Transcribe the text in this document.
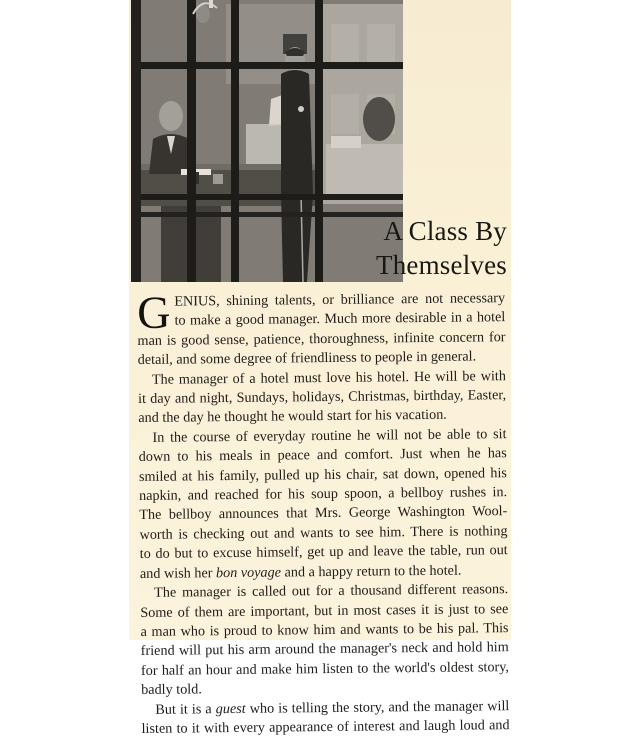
A Class By
Themselves
G ENIUS, shining talents, or brilliance are not necessary
to make a good manager. Much more desirable in a hotel
man is good sense, patience, thoroughness, infinite concern for
detail, and some degree of friendliness to people in general.
The manager of a hotel must love his hotel. He will be with
it day and night, Sundays, holidays, Christmas, birthday, Easter,
and the day he thought he would start for his vacation.
In the course of everyday routine he will not be able to sit
down to his meals in peace and comfort. Just when he has
smiled at his family, pulled up his chair, sat down, opened his
napkin, and reached for his soup spoon, a bellboy rushes in.
The bellboy announces that Mrs. George Washington Wool-
worth is checking out and wants to see him. There is nothing
to do but to excuse himself, get up and leave the table, run out
and wish her bon voyage and a happy return to the hotel.
The manager is called out for a thousand different reasons.
Some of them are important, but in most cases it is just to see
a man who is proud to know him and wants to be his pal. This
friend will put his arm around the manager's neck and hold him
for half an hour and make him listen to the world's oldest story,
badly told.
But it is a guest who is telling the story, and the manager will
listen to it with every appearance of interest and laugh loud and
